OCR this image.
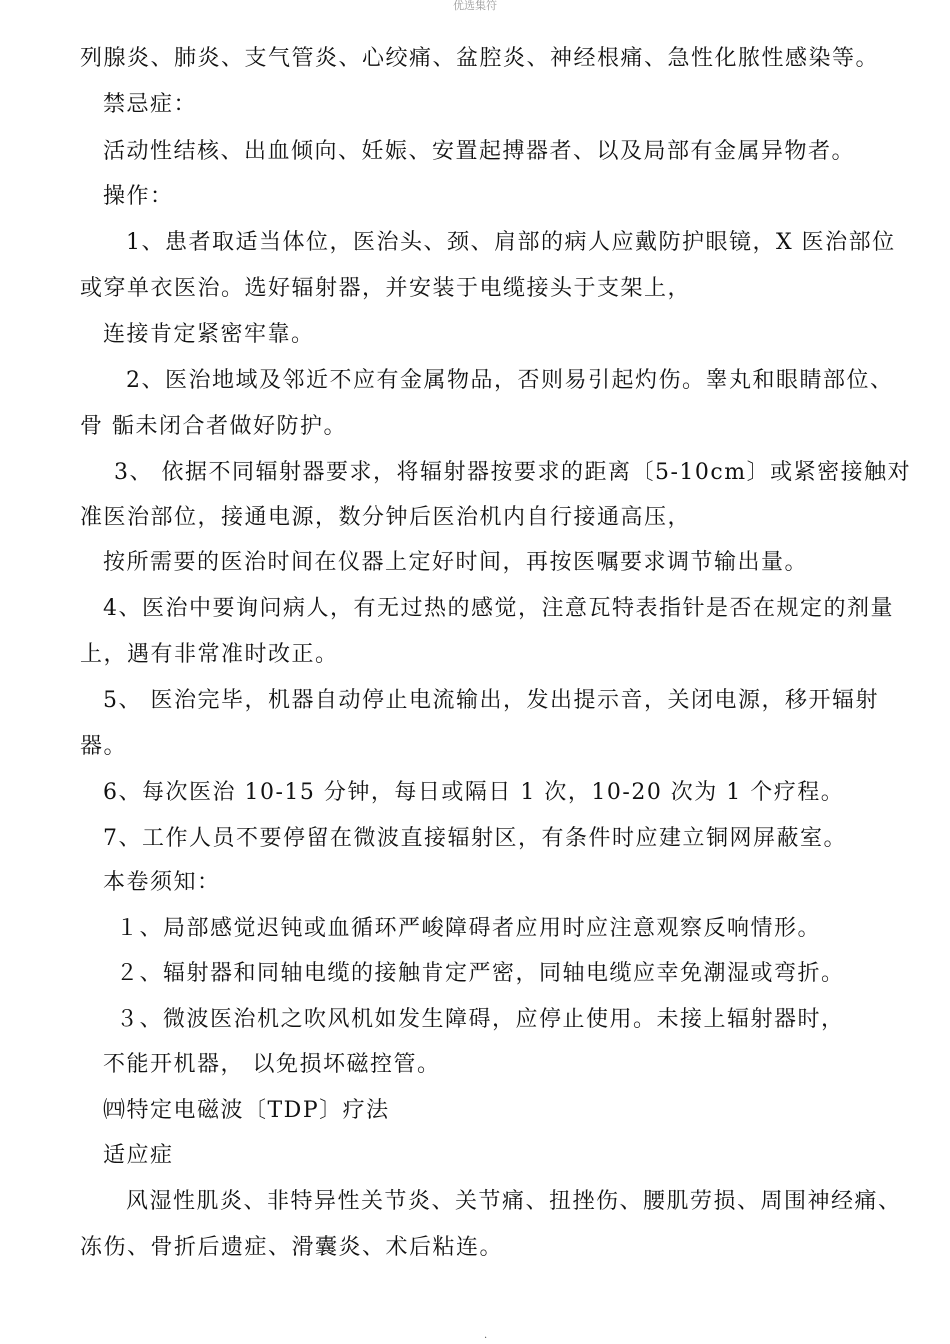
优选集符
列腺炎、肺炎、支气管炎、心绞痛、盆腔炎、神经根痛、急性化脓性感染等。
禁忌症：
活动性结核、出血倾向、妊娠、安置起搏器者、以及局部有金属异物者。
操作：
1、患者取适当体位，医治头、颈、肩部的病人应戴防护眼镜，X 医治部位
或穿单衣医治。选好辐射器，并安装于电缆接头于支架上，
连接肯定紧密牢靠。
2、医治地域及邻近不应有金属物品，否则易引起灼伤。睾丸和眼睛部位、
骨 骺未闭合者做好防护。
3、 依据不同辐射器要求，将辐射器按要求的距离〔5-10cm〕或紧密接触对
准医治部位，接通电源，数分钟后医治机内自行接通高压，
按所需要的医治时间在仪器上定好时间，再按医嘱要求调节输出量。
4、医治中要询问病人，有无过热的感觉，注意瓦特表指针是否在规定的剂量
上，遇有非常准时改正。
5、 医治完毕，机器自动停止电流输出，发出提示音，关闭电源，移开辐射
器。
6、每次医治 10-15 分钟，每日或隔日 1 次，10-20 次为 1 个疗程。
7、工作人员不要停留在微波直接辐射区，有条件时应建立铜网屏蔽室。
本卷须知：
１、局部感觉迟钝或血循环严峻障碍者应用时应注意观察反响情形。
２、辐射器和同轴电缆的接触肯定严密，同轴电缆应幸免潮湿或弯折。
３、微波医治机之吹风机如发生障碍，应停止使用。未接上辐射器时，
不能开机器， 以免损坏磁控管。
㈣特定电磁波〔TDP〕疗法
适应症
风湿性肌炎、非特异性关节炎、关节痛、扭挫伤、腰肌劳损、周围神经痛、
冻伤、骨折后遗症、滑囊炎、术后粘连。
.
